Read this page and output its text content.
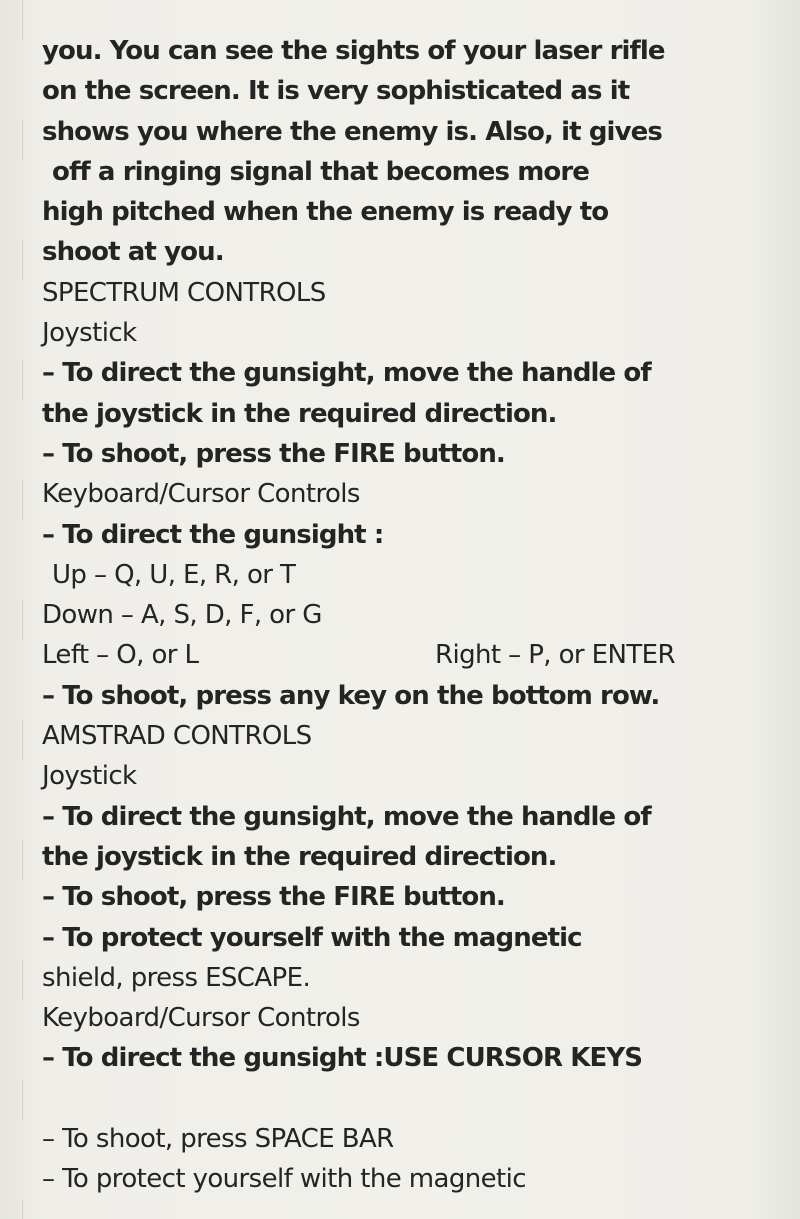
you. You can see the sights of your laser rifle
on the screen. It is very sophisticated as it
shows you where the enemy is. Also, it gives
off a ringing signal that becomes more
high pitched when the enemy is ready to
shoot at you.
SPECTRUM CONTROLS
Joystick
– To direct the gunsight, move the handle of
the joystick in the required direction.
– To shoot, press the FIRE button.
Keyboard/Cursor Controls
– To direct the gunsight :
Up – Q, U, E, R, or T
Down – A, S, D, F, or G
Left – O, or L	Right – P, or ENTER
– To shoot, press any key on the bottom row.
AMSTRAD CONTROLS
Joystick
– To direct the gunsight, move the handle of
the joystick in the required direction.
– To shoot, press the FIRE button.
– To protect yourself with the magnetic
shield, press ESCAPE.
Keyboard/Cursor Controls
– To direct the gunsight :USE CURSOR KEYS
– To shoot, press SPACE BAR
– To protect yourself with the magnetic
